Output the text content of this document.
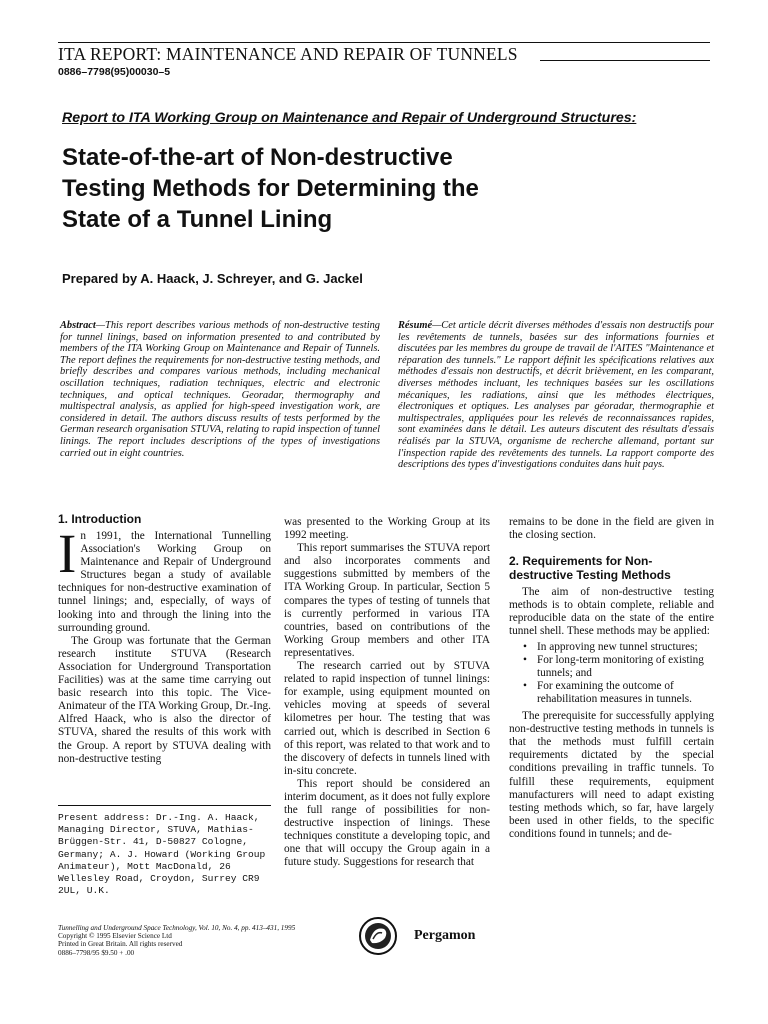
ITA REPORT: MAINTENANCE AND REPAIR OF TUNNELS
0886–7798(95)00030–5
Report to ITA Working Group on Maintenance and Repair of Underground Structures:
State-of-the-art of Non-destructive
Testing Methods for Determining the
State of a Tunnel Lining
Prepared by A. Haack, J. Schreyer, and G. Jackel
Abstract—This report describes various methods of non-destructive testing for tunnel linings, based on information presented to and contributed by members of the ITA Working Group on Maintenance and Repair of Tunnels. The report defines the requirements for non-destructive testing methods, and briefly describes and compares various methods, including mechanical oscillation techniques, radiation techniques, electric and electronic techniques, and optical techniques. Georadar, thermography and multispectral analysis, as applied for high-speed investigation work, are considered in detail. The authors discuss results of tests performed by the German research organisation STUVA, relating to rapid inspection of tunnel linings. The report includes descriptions of the types of investigations carried out in eight countries.
Résumé—Cet article décrit diverses méthodes d'essais non destructifs pour les revêtements de tunnels, basées sur des informations fournies et discutées par les membres du groupe de travail de l'AITES "Maintenance et réparation des tunnels." Le rapport définit les spécifications relatives aux méthodes d'essais non destructifs, et décrit brièvement, en les comparant, diverses méthodes incluant, les techniques basées sur les oscillations mécaniques, les radiations, ainsi que les méthodes électriques, électroniques et optiques. Les analyses par géoradar, thermographie et multispectrales, appliquées pour les relevés de reconnaissances rapides, sont examinées dans le détail. Les auteurs discutent des résultats d'essais réalisés par la STUVA, organisme de recherche allemand, portant sur l'inspection rapide des revêtements des tunnels. La rapport comporte des descriptions des types d'investigations conduites dans huit pays.
1. Introduction

In 1991, the International Tunnelling Association's Working Group on Maintenance and Repair of Underground Structures began a study of available techniques for non-destructive examination of tunnel linings; and, especially, of ways of looking into and through the lining into the surrounding ground.

The Group was fortunate that the German research institute STUVA (Research Association for Underground Transportation Facilities) was at the same time carrying out basic research into this topic. The Vice-Animateur of the ITA Working Group, Dr.-Ing. Alfred Haack, who is also the director of STUVA, shared the results of this work with the Group. A report by STUVA dealing with non-destructive testing

Present address: Dr.-Ing. A. Haack, Managing Director, STUVA, Mathias-Brüggen-Str. 41, D-50827 Cologne, Germany; A. J. Howard (Working Group Animateur), Mott MacDonald, 26 Wellesley Road, Croydon, Surrey CR9 2UL, U.K.

was presented to the Working Group at its 1992 meeting.

This report summarises the STUVA report and also incorporates comments and suggestions submitted by members of the ITA Working Group. In particular, Section 5 compares the types of testing of tunnels that is currently performed in various ITA countries, based on contributions of the Working Group members and other ITA representatives.

The research carried out by STUVA related to rapid inspection of tunnel linings: for example, using equipment mounted on vehicles moving at speeds of several kilometres per hour. The testing that was carried out, which is described in Section 6 of this report, was related to that work and to the discovery of defects in tunnels lined with in-situ concrete.

This report should be considered an interim document, as it does not fully explore the full range of possibilities for non-destructive inspection of linings. These techniques constitute a developing topic, and one that will occupy the Group again in a future study. Suggestions for research that

remains to be done in the field are given in the closing section.

2. Requirements for Non-destructive Testing Methods

The aim of non-destructive testing methods is to obtain complete, reliable and reproducible data on the state of the entire tunnel shell. These methods may be applied:

• In approving new tunnel structures;
• For long-term monitoring of existing tunnels; and
• For examining the outcome of rehabilitation measures in tunnels.

The prerequisite for successfully applying non-destructive testing methods in tunnels is that the methods must fulfill certain requirements dictated by the special conditions prevailing in traffic tunnels. To fulfill these requirements, equipment manufacturers will need to adapt existing testing methods which, so far, have largely been used in other fields, to the specific conditions found in tunnels; and de-

Tunnelling and Underground Space Technology, Vol. 10, No. 4, pp. 413–431, 1995
Copyright © 1995 Elsevier Science Ltd
Printed in Great Britain. All rights reserved
0886–7798/95 $9.50 + .00
Pergamon
